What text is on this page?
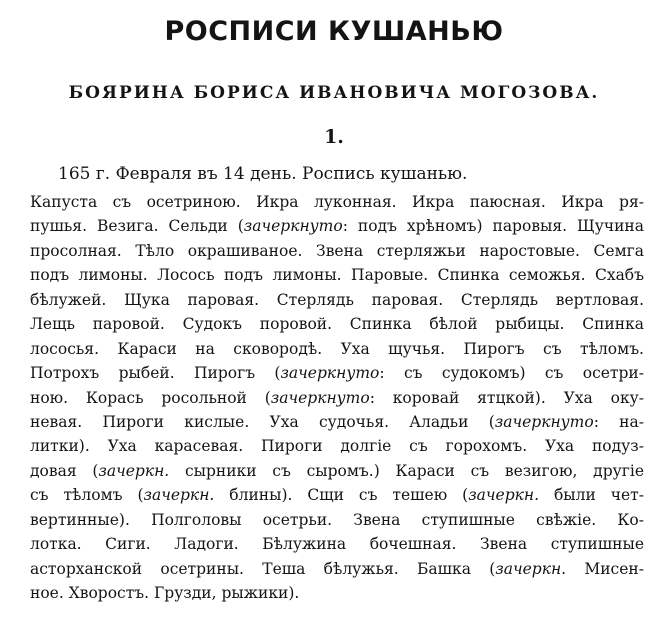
РОСПИСИ КУШАНЬЮ
БОЯРИНА БОРИСА ИВАНОВИЧА МОГОЗОВА.
1.
165 г. Февраля въ 14 день. Роспись кушанью.
Капуста съ осетриною. Икра луконная. Икра паюсная. Икра ря-
пушья. Везига. Сельди (зачеркнуто: подъ хрѣномъ) паровыя. Щучина
просолная. Тѣло окрашиваное. Звена стерляжьи наростовые. Семга
подъ лимоны. Лосось подъ лимоны. Паровые. Спинка семожья. Схабъ
бѣлужей. Щука паровая. Стерлядь паровая. Стерлядь вертловая.
Лещь паровой. Судокъ поровой. Спинка бѣлой рыбицы. Спинка
лососья. Караси на сковородѣ. Уха щучья. Пирогъ съ тѣломъ.
Потрохъ рыбей. Пирогъ (зачеркнуто: съ судокомъ) съ осетри-
ною. Корась росольной (зачеркнуто: коровай ятцкой). Уха оку-
невая. Пироги кислые. Уха судочья. Аладьи (зачеркнуто: на-
литки). Уха карасевая. Пироги долгіе съ горохомъ. Уха подуз-
довая (зачеркн. сырники съ сыромъ.) Караси съ везигою, другіе
съ тѣломъ (зачеркн. блины). Сщи съ тешею (зачеркн. были чет-
вертинные). Полголовы осетрьи. Звена ступишные свѣжіе. Ко-
лотка. Сиги. Ладоги. Бѣлужина бочешная. Звена ступишные
асторханской осетрины. Теша бѣлужья. Башка (зачеркн. Мисен-
ное. Хворостъ. Грузди, рыжики).
